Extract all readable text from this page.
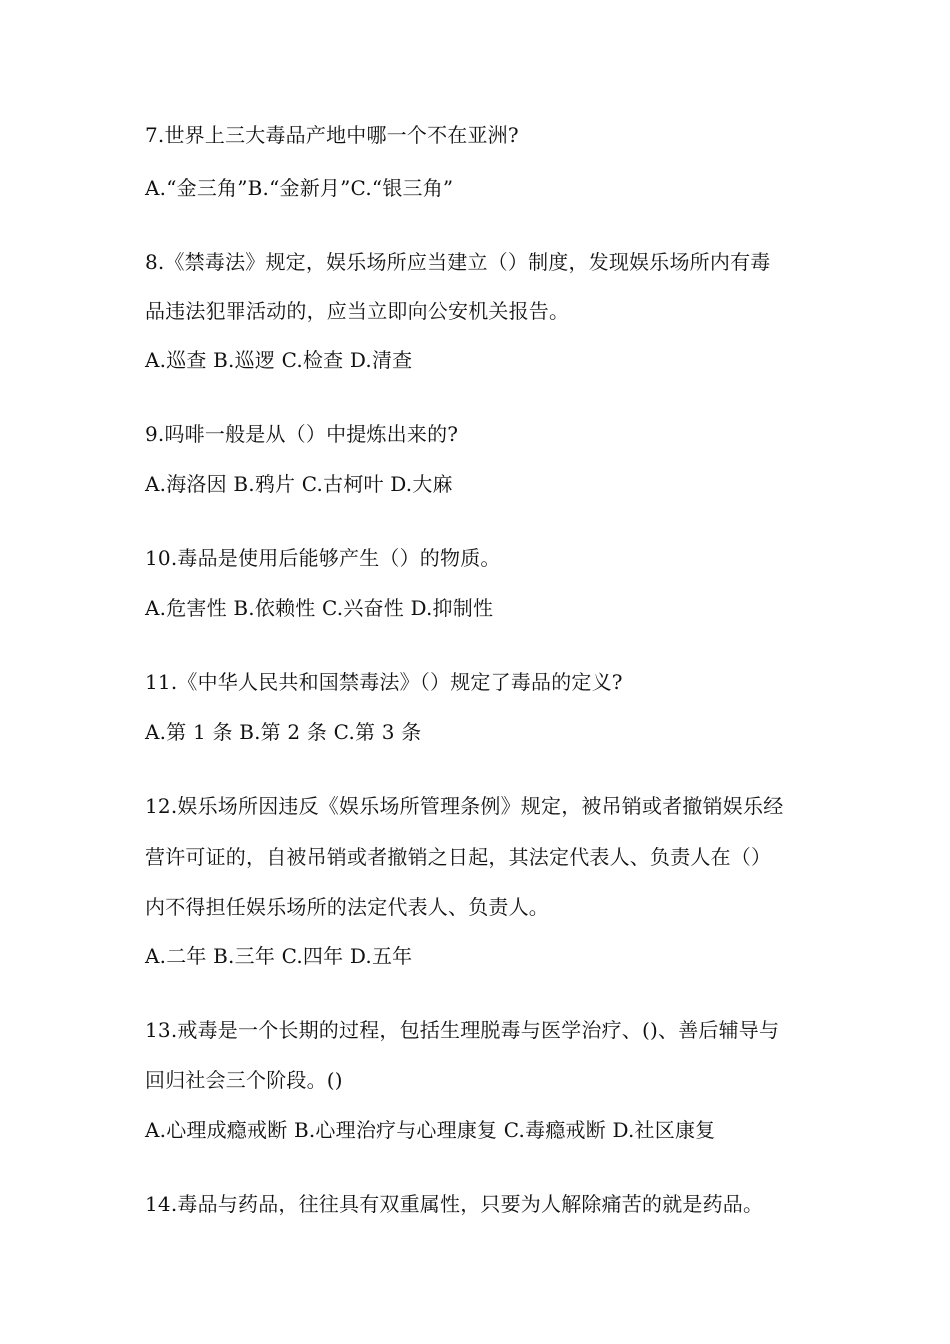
7.世界上三大毒品产地中哪一个不在亚洲?
A.“金三角”B.“金新月”C.“银三角”
8.《禁毒法》规定，娱乐场所应当建立（）制度，发现娱乐场所内有毒
品违法犯罪活动的，应当立即向公安机关报告。
A.巡查 B.巡逻 C.检查 D.清查
9.吗啡一般是从（）中提炼出来的?
A.海洛因 B.鸦片 C.古柯叶 D.大麻
10.毒品是使用后能够产生（）的物质。
A.危害性 B.依赖性 C.兴奋性 D.抑制性
11.《中华人民共和国禁毒法》（）规定了毒品的定义?
A.第 1 条 B.第 2 条 C.第 3 条
12.娱乐场所因违反《娱乐场所管理条例》规定，被吊销或者撤销娱乐经
营许可证的，自被吊销或者撤销之日起，其法定代表人、负责人在（）
内不得担任娱乐场所的法定代表人、负责人。
A.二年 B.三年 C.四年 D.五年
13.戒毒是一个长期的过程，包括生理脱毒与医学治疗、()、善后辅导与
回归社会三个阶段。()
A.心理成瘾戒断 B.心理治疗与心理康复 C.毒瘾戒断 D.社区康复
14.毒品与药品，往往具有双重属性，只要为人解除痛苦的就是药品。
